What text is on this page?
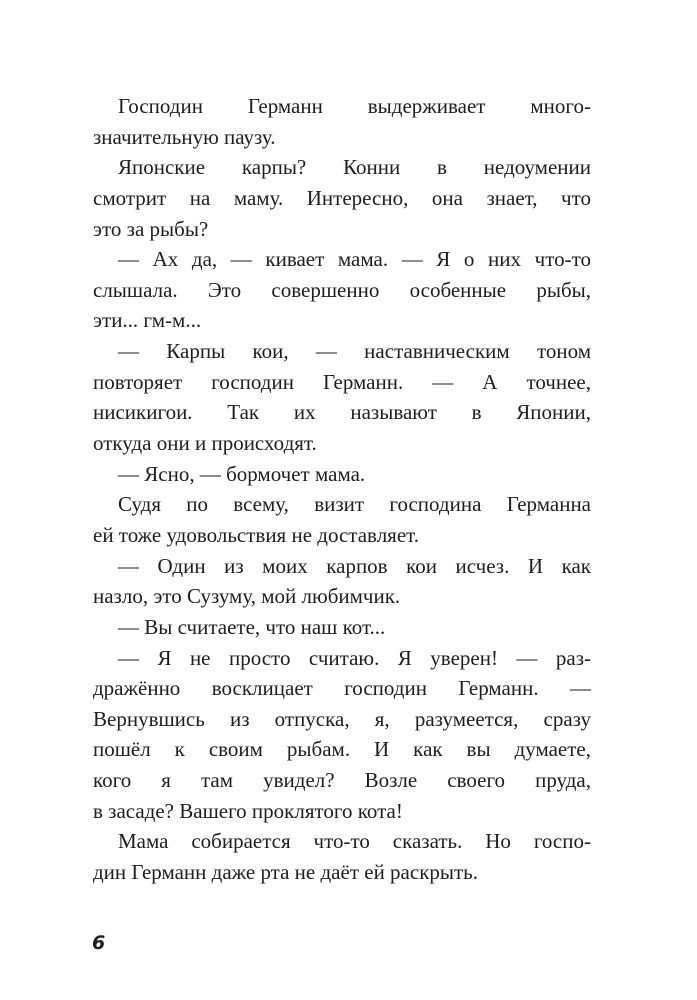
Господин Германн выдерживает много-
значительную паузу.
Японские карпы? Конни в недоумении
смотрит на маму. Интересно, она знает, что
это за рыбы?
— Ах да, — кивает мама. — Я о них что-то
слышала. Это совершенно особенные рыбы,
эти... гм-м...
— Карпы кои, — наставническим тоном
повторяет господин Германн. — А точнее,
нисикигои. Так их называют в Японии,
откуда они и происходят.
— Ясно, — бормочет мама.
Судя по всему, визит господина Германна
ей тоже удовольствия не доставляет.
— Один из моих карпов кои исчез. И как
назло, это Сузуму, мой любимчик.
— Вы считаете, что наш кот...
— Я не просто считаю. Я уверен! — раз-
дражённо восклицает господин Германн. —
Вернувшись из отпуска, я, разумеется, сразу
пошёл к своим рыбам. И как вы думаете,
кого я там увидел? Возле своего пруда,
в засаде? Вашего проклятого кота!
Мама собирается что-то сказать. Но госпо-
дин Германн даже рта не даёт ей раскрыть.
6
